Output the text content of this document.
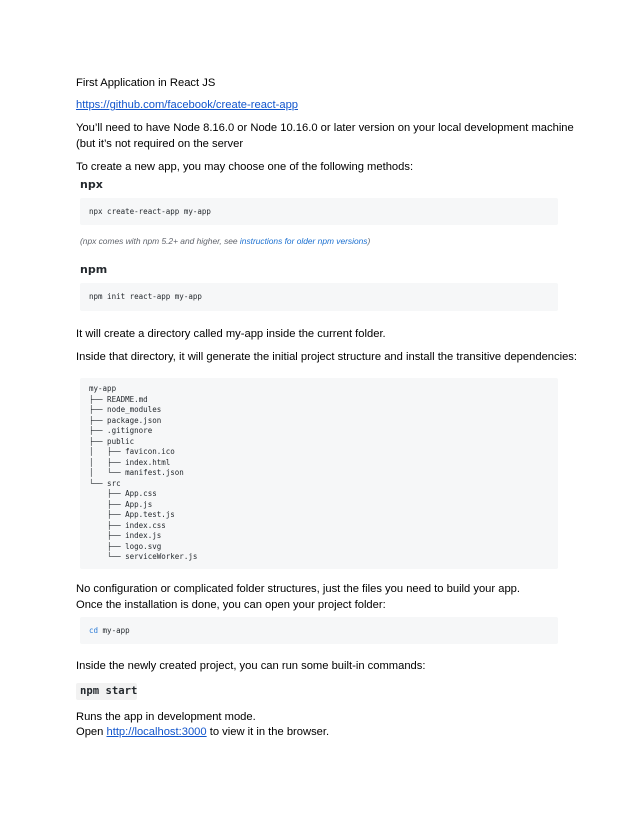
First Application in React JS

https://github.com/facebook/create-react-app

You’ll need to have Node 8.16.0 or Node 10.16.0 or later version on your local development machine

(but it’s not required on the server

To create a new app, you may choose one of the following methods:

npx

npx create-react-app my-app

(npx comes with npm 5.2+ and higher, see instructions for older npm versions)

npm

npm init react-app my-app

It will create a directory called my-app inside the current folder.

Inside that directory, it will generate the initial project structure and install the transitive dependencies:

my-app
├── README.md
├── node_modules
├── package.json
├── .gitignore
├── public
│   ├── favicon.ico
│   ├── index.html
│   └── manifest.json
└── src
├── App.css
├── App.js
├── App.test.js
├── index.css
├── index.js
├── logo.svg
└── serviceWorker.js

No configuration or complicated folder structures, just the files you need to build your app.

Once the installation is done, you can open your project folder:

cd my-app

Inside the newly created project, you can run some built-in commands:

npm start

Runs the app in development mode.

Open http://localhost:3000 to view it in the browser.
